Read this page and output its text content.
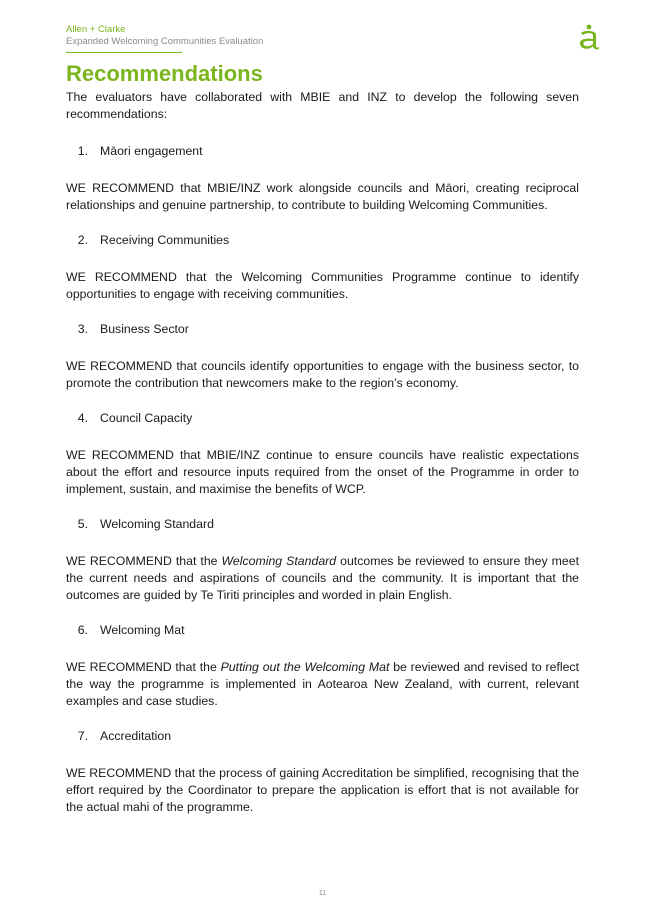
Allen + Clarke
Expanded Welcoming Communities Evaluation
Recommendations

The evaluators have collaborated with MBIE and INZ to develop the following seven recommendations:

1. Māori engagement

WE RECOMMEND that MBIE/INZ work alongside councils and Māori, creating reciprocal relationships and genuine partnership, to contribute to building Welcoming Communities.

2. Receiving Communities

WE RECOMMEND that the Welcoming Communities Programme continue to identify opportunities to engage with receiving communities.

3. Business Sector

WE RECOMMEND that councils identify opportunities to engage with the business sector, to promote the contribution that newcomers make to the region’s economy.

4. Council Capacity

WE RECOMMEND that MBIE/INZ continue to ensure councils have realistic expectations about the effort and resource inputs required from the onset of the Programme in order to implement, sustain, and maximise the benefits of WCP.

5. Welcoming Standard

WE RECOMMEND that the Welcoming Standard outcomes be reviewed to ensure they meet the current needs and aspirations of councils and the community. It is important that the outcomes are guided by Te Tiriti principles and worded in plain English.

6. Welcoming Mat

WE RECOMMEND that the Putting out the Welcoming Mat be reviewed and revised to reflect the way the programme is implemented in Aotearoa New Zealand, with current, relevant examples and case studies.

7. Accreditation

WE RECOMMEND that the process of gaining Accreditation be simplified, recognising that the effort required by the Coordinator to prepare the application is effort that is not available for the actual mahi of the programme.

11
